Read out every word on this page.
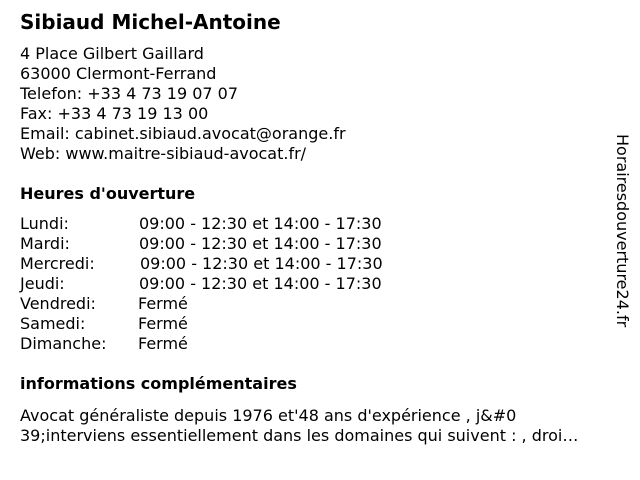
Sibiaud Michel-Antoine
4 Place Gilbert Gaillard
63000 Clermont-Ferrand
Telefon: +33 4 73 19 07 07
Fax: +33 4 73 19 13 00
Email: cabinet.sibiaud.avocat@orange.fr
Web: www.maitre-sibiaud-avocat.fr/
Heures d'ouverture
Lundi:	09:00 - 12:30 et 14:00 - 17:30
Mardi:	09:00 - 12:30 et 14:00 - 17:30
Mercredi:	09:00 - 12:30 et 14:00 - 17:30
Jeudi:	09:00 - 12:30 et 14:00 - 17:30
Vendredi:	Fermé
Samedi:	Fermé
Dimanche: Fermé
informations complémentaires
Avocat généraliste depuis 1976 et'48 ans d'expérience , j&#0
39;interviens essentiellement dans les domaines qui suivent : , droi…
Horairesdouverture24.fr
